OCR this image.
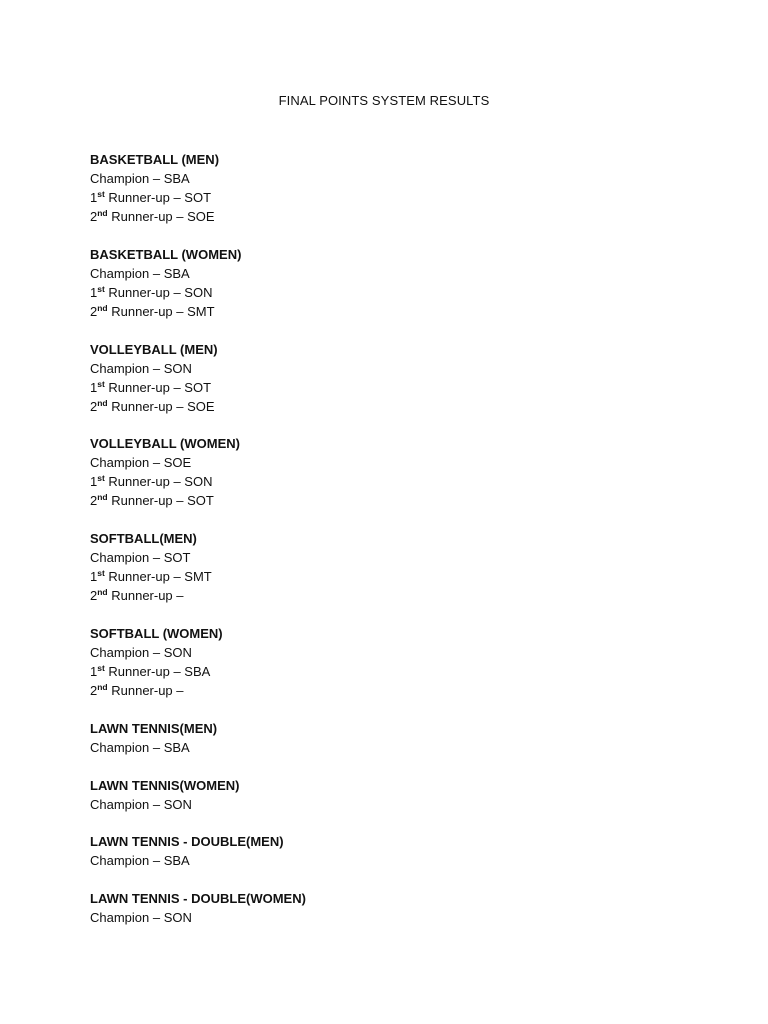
FINAL POINTS SYSTEM RESULTS
BASKETBALL (MEN)
Champion – SBA
1st Runner-up – SOT
2nd Runner-up – SOE
BASKETBALL (WOMEN)
Champion – SBA
1st Runner-up – SON
2nd Runner-up – SMT
VOLLEYBALL (MEN)
Champion – SON
1st Runner-up – SOT
2nd Runner-up – SOE
VOLLEYBALL (WOMEN)
Champion – SOE
1st Runner-up – SON
2nd Runner-up – SOT
SOFTBALL(MEN)
Champion – SOT
1st Runner-up – SMT
2nd Runner-up –
SOFTBALL (WOMEN)
Champion – SON
1st Runner-up – SBA
2nd Runner-up –
LAWN TENNIS(MEN)
Champion – SBA
LAWN TENNIS(WOMEN)
Champion – SON
LAWN TENNIS - DOUBLE(MEN)
Champion – SBA
LAWN TENNIS - DOUBLE(WOMEN)
Champion – SON
